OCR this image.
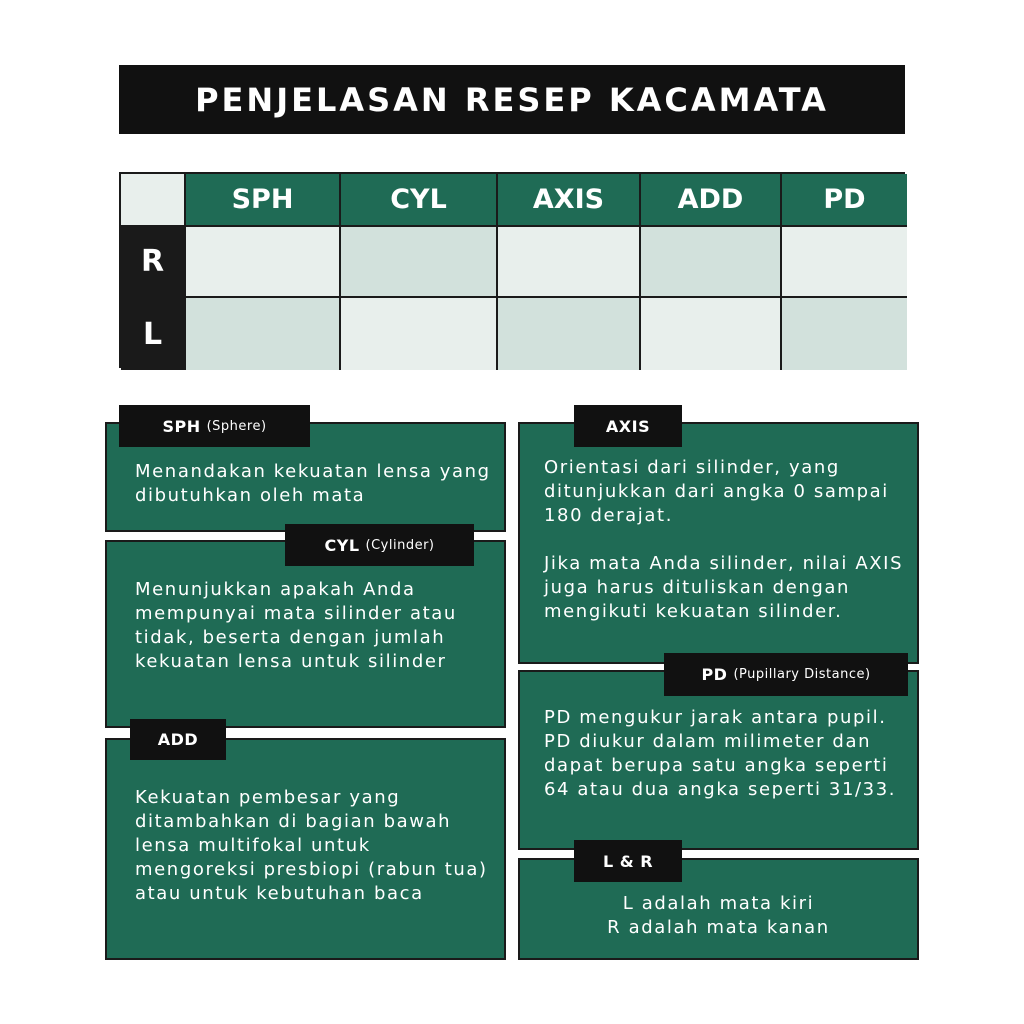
PENJELASAN RESEP KACAMATA
SPH	CYL	AXIS	ADD	PD
R
L
Menandakan kekuatan lensa yang dibutuhkan oleh mata
SPH (Sphere)
Menunjukkan apakah Anda mempunyai mata silinder atau tidak, beserta dengan jumlah kekuatan lensa untuk silinder
CYL (Cylinder)
Kekuatan pembesar yang ditambahkan di bagian bawah lensa multifokal untuk mengoreksi presbiopi (rabun tua) atau untuk kebutuhan baca
ADD
Orientasi dari silinder, yang ditunjukkan dari angka 0 sampai 180 derajat.
Jika mata Anda silinder, nilai AXIS juga harus dituliskan dengan mengikuti kekuatan silinder.
AXIS
PD mengukur jarak antara pupil. PD diukur dalam milimeter dan dapat berupa satu angka seperti 64 atau dua angka seperti 31/33.
PD (Pupillary Distance)
L adalah mata kiri
R adalah mata kanan
L & R
